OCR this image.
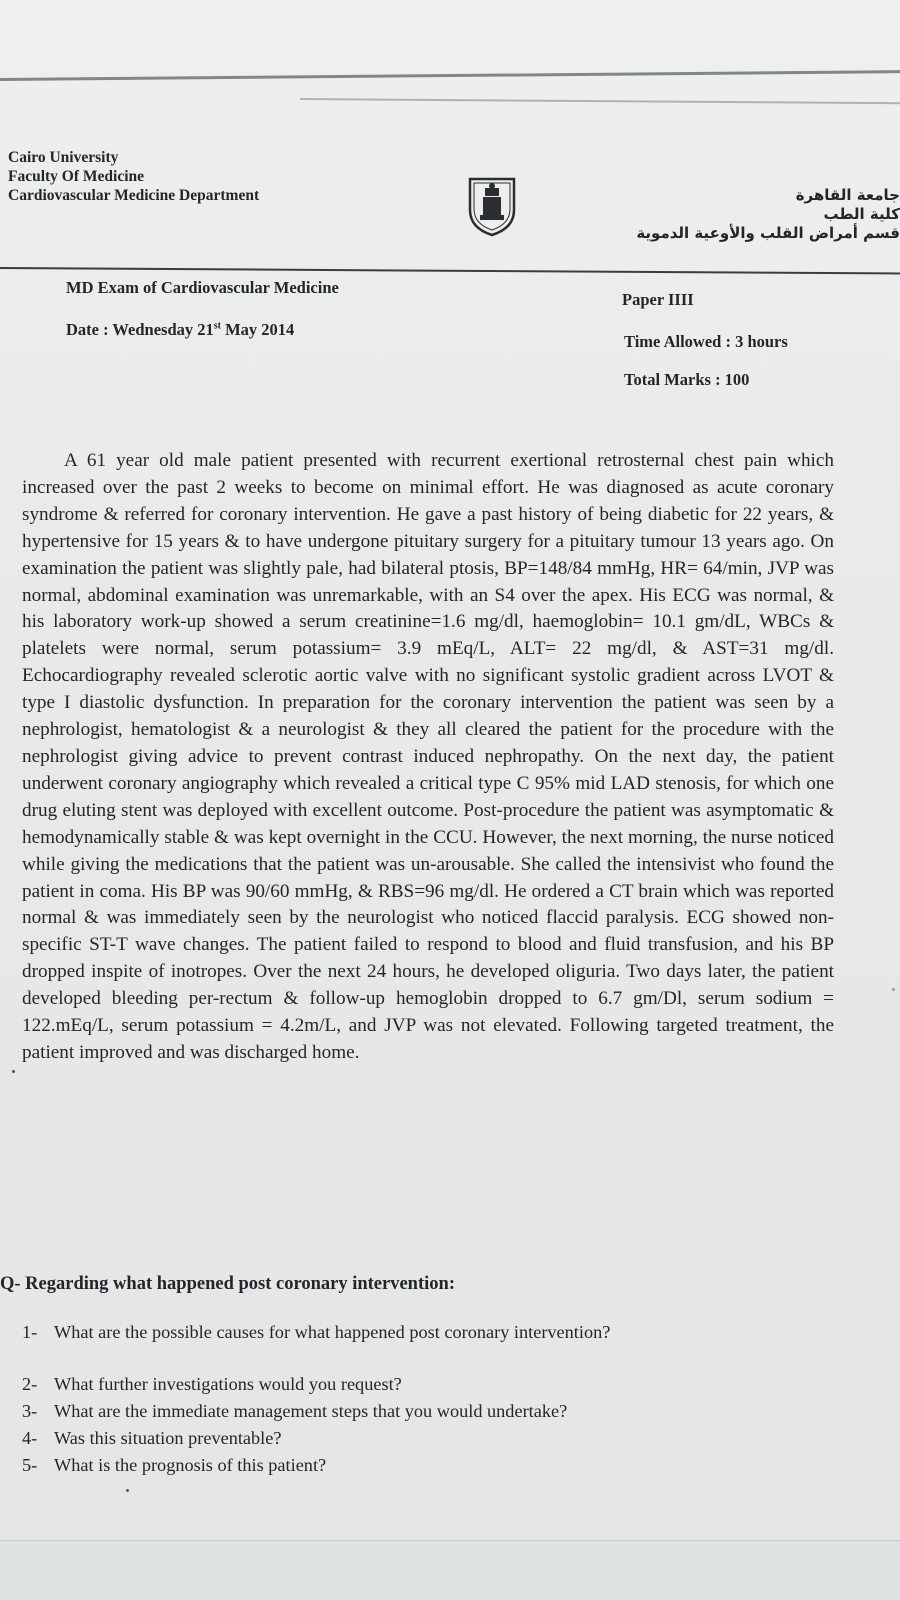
Cairo University
Faculty Of Medicine
Cardiovascular Medicine Department	جامعة القاهرة
كلية الطب
قسم أمراض القلب والأوعية الدموية
MD Exam of Cardiovascular Medicine
Date : Wednesday 21st May 2014
Paper IIII
Time Allowed : 3 hours
Total Marks : 100
A 61 year old male patient presented with recurrent exertional retrosternal chest pain which increased over the past 2 weeks to become on minimal effort. He was diagnosed as acute coronary syndrome & referred for coronary intervention. He gave a past history of being diabetic for 22 years, & hypertensive for 15 years & to have undergone pituitary surgery for a pituitary tumour 13 years ago. On examination the patient was slightly pale, had bilateral ptosis, BP=148/84 mmHg, HR= 64/min, JVP was normal, abdominal examination was unremarkable, with an S4 over the apex. His ECG was normal, & his laboratory work-up showed a serum creatinine=1.6 mg/dl, haemoglobin= 10.1 gm/dL, WBCs & platelets were normal, serum potassium= 3.9 mEq/L, ALT= 22 mg/dl, & AST=31 mg/dl. Echocardiography revealed sclerotic aortic valve with no significant systolic gradient across LVOT & type I diastolic dysfunction. In preparation for the coronary intervention the patient was seen by a nephrologist, hematologist & a neurologist & they all cleared the patient for the procedure with the nephrologist giving advice to prevent contrast induced nephropathy. On the next day, the patient underwent coronary angiography which revealed a critical type C 95% mid LAD stenosis, for which one drug eluting stent was deployed with excellent outcome. Post-procedure the patient was asymptomatic & hemodynamically stable & was kept overnight in the CCU. However, the next morning, the nurse noticed while giving the medications that the patient was un-arousable. She called the intensivist who found the patient in coma. His BP was 90/60 mmHg, & RBS=96 mg/dl. He ordered a CT brain which was reported normal & was immediately seen by the neurologist who noticed flaccid paralysis. ECG showed non-specific ST-T wave changes. The patient failed to respond to blood and fluid transfusion, and his BP dropped inspite of inotropes. Over the next 24 hours, he developed oliguria. Two days later, the patient developed bleeding per-rectum & follow-up hemoglobin dropped to 6.7 gm/Dl, serum sodium = 122.mEq/L, serum potassium = 4.2m/L, and JVP was not elevated. Following targeted treatment, the patient improved and was discharged home.
Q- Regarding what happened post coronary intervention:
1- What are the possible causes for what happened post coronary intervention?
2- What further investigations would you request?
3- What are the immediate management steps that you would undertake?
4- Was this situation preventable?
5- What is the prognosis of this patient?
